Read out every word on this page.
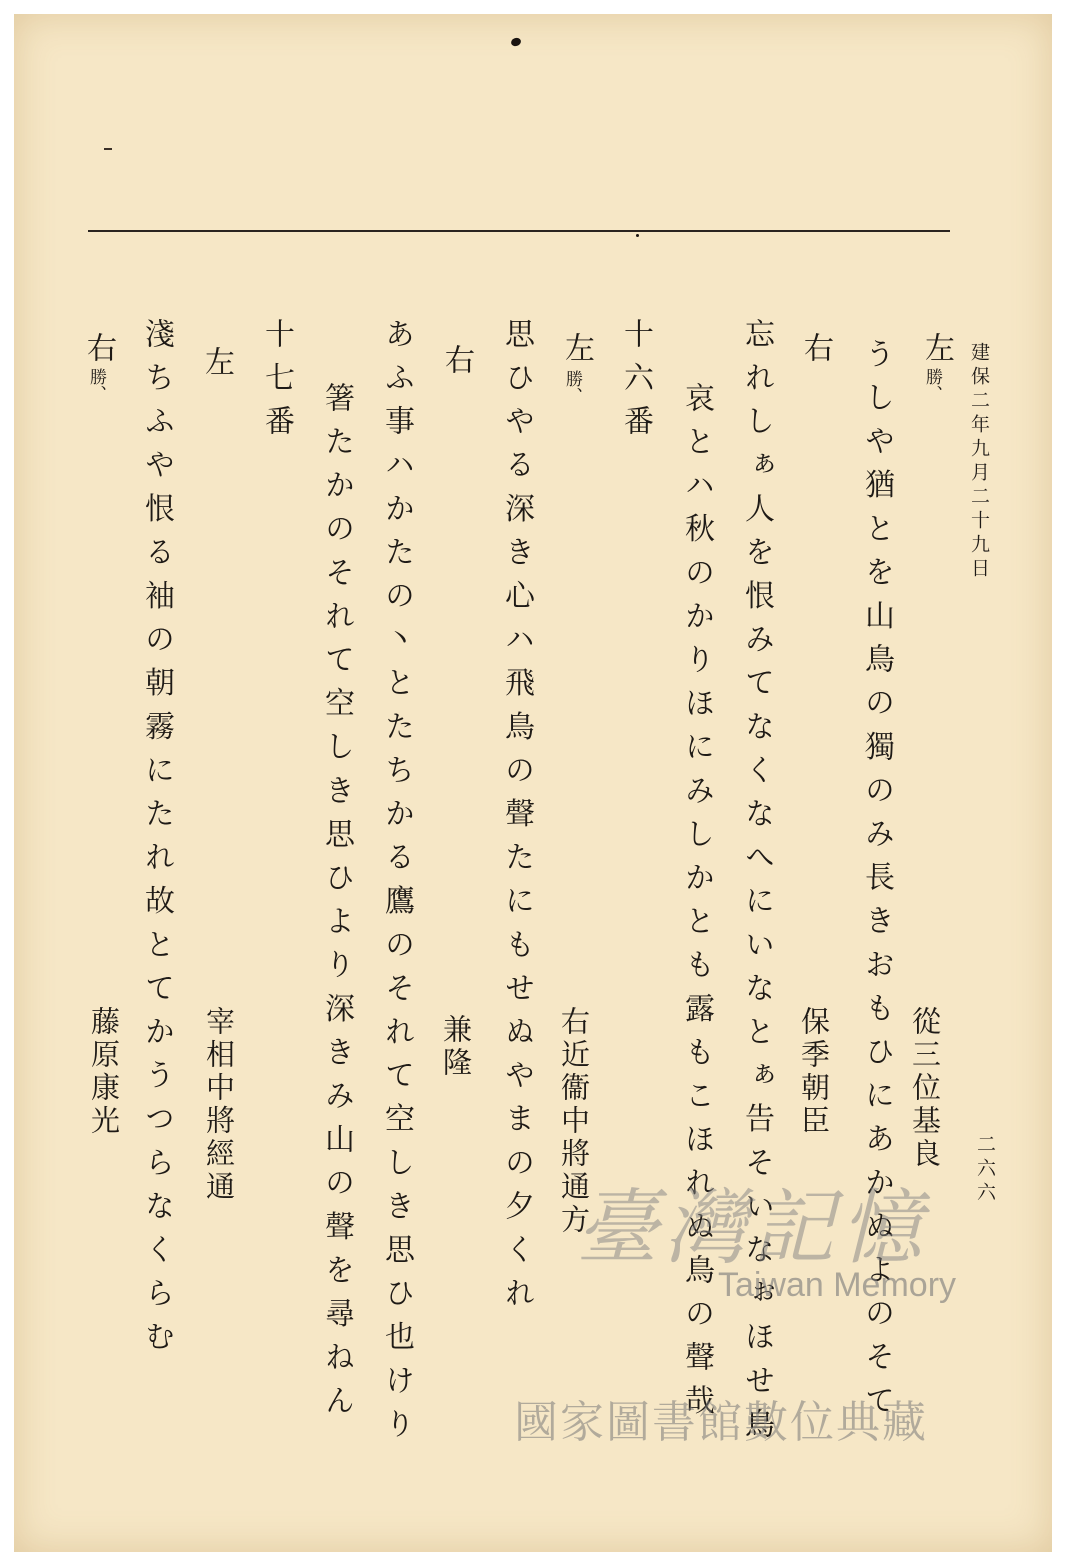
二六六
建保二年九月二十九日
左
勝、
うしや猶とを山鳥の獨のみ長きおもひにあかぬよのそて 從三位基良
右
保季朝臣
忘れしぁ人を恨みてなくなへにいなとぁ告そいなぉほせ鳥
哀とハ秋のかりほにみしかとも露もこほれぬ鳥の聲哉
十六番
左
勝、
右近衞中將通方
思ひやる深き心ハ飛鳥の聲たにもせぬやまの夕くれ
右
兼隆
あふ事ハかたの丶とたちかる鷹のそれて空しき思ひ也けり
箸たかのそれて空しき思ひより深きみ山の聲を尋ねん
十七番
左
宰相中將經通
淺ちふや恨る袖の朝霧にたれ故とてかうつらなくらむ
右
勝、
藤原康光
臺灣記憶
Taiwan Memory
國家圖書館數位典藏
